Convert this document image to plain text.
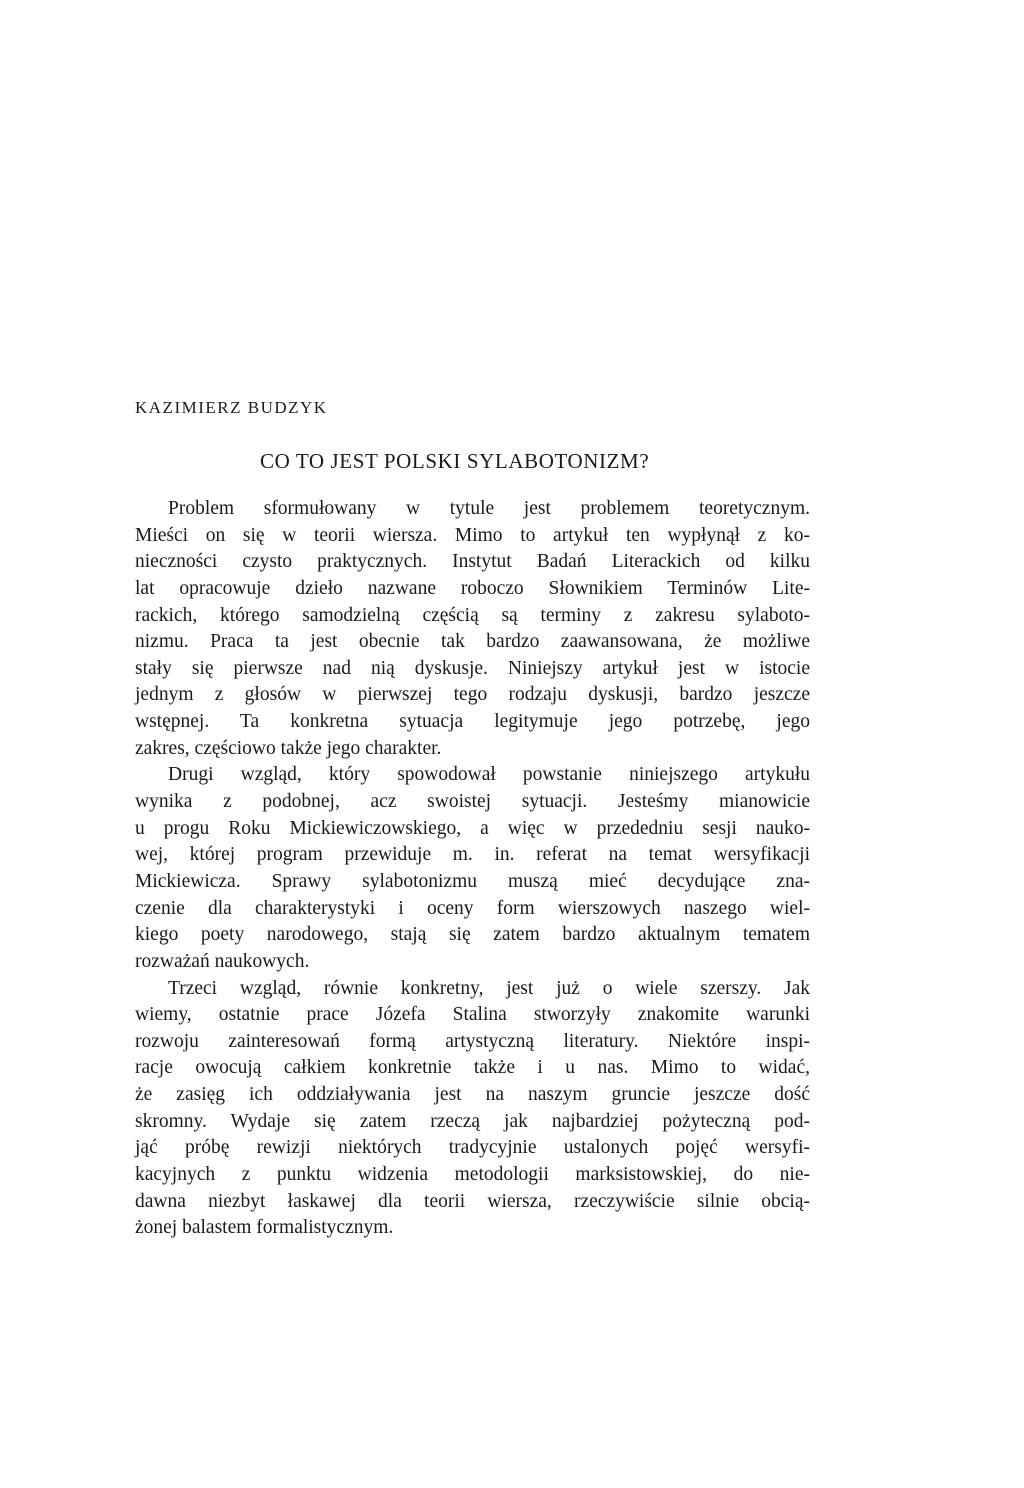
KAZIMIERZ BUDZYK
CO TO JEST POLSKI SYLABOTONIZM?
Problem sformułowany w tytule jest problemem teoretycznym.
Mieści on się w teorii wiersza. Mimo to artykuł ten wypłynął z ko-
nieczności czysto praktycznych. Instytut Badań Literackich od kilku
lat opracowuje dzieło nazwane roboczo Słownikiem Terminów Lite-
rackich, którego samodzielną częścią są terminy z zakresu sylaboto-
nizmu. Praca ta jest obecnie tak bardzo zaawansowana, że możliwe
stały się pierwsze nad nią dyskusje. Niniejszy artykuł jest w istocie
jednym z głosów w pierwszej tego rodzaju dyskusji, bardzo jeszcze
wstępnej. Ta konkretna sytuacja legitymuje jego potrzebę, jego
zakres, częściowo także jego charakter.
Drugi wzgląd, który spowodował powstanie niniejszego artykułu
wynika z podobnej, acz swoistej sytuacji. Jesteśmy mianowicie
u progu Roku Mickiewiczowskiego, a więc w przededniu sesji nauko-
wej, której program przewiduje m. in. referat na temat wersyfikacji
Mickiewicza. Sprawy sylabotonizmu muszą mieć decydujące zna-
czenie dla charakterystyki i oceny form wierszowych naszego wiel-
kiego poety narodowego, stają się zatem bardzo aktualnym tematem
rozważań naukowych.
Trzeci wzgląd, równie konkretny, jest już o wiele szerszy. Jak
wiemy, ostatnie prace Józefa Stalina stworzyły znakomite warunki
rozwoju zainteresowań formą artystyczną literatury. Niektóre inspi-
racje owocują całkiem konkretnie także i u nas. Mimo to widać,
że zasięg ich oddziaływania jest na naszym gruncie jeszcze dość
skromny. Wydaje się zatem rzeczą jak najbardziej pożyteczną pod-
jąć próbę rewizji niektórych tradycyjnie ustalonych pojęć wersyfi-
kacyjnych z punktu widzenia metodologii marksistowskiej, do nie-
dawna niezbyt łaskawej dla teorii wiersza, rzeczywiście silnie obcią-
żonej balastem formalistycznym.
